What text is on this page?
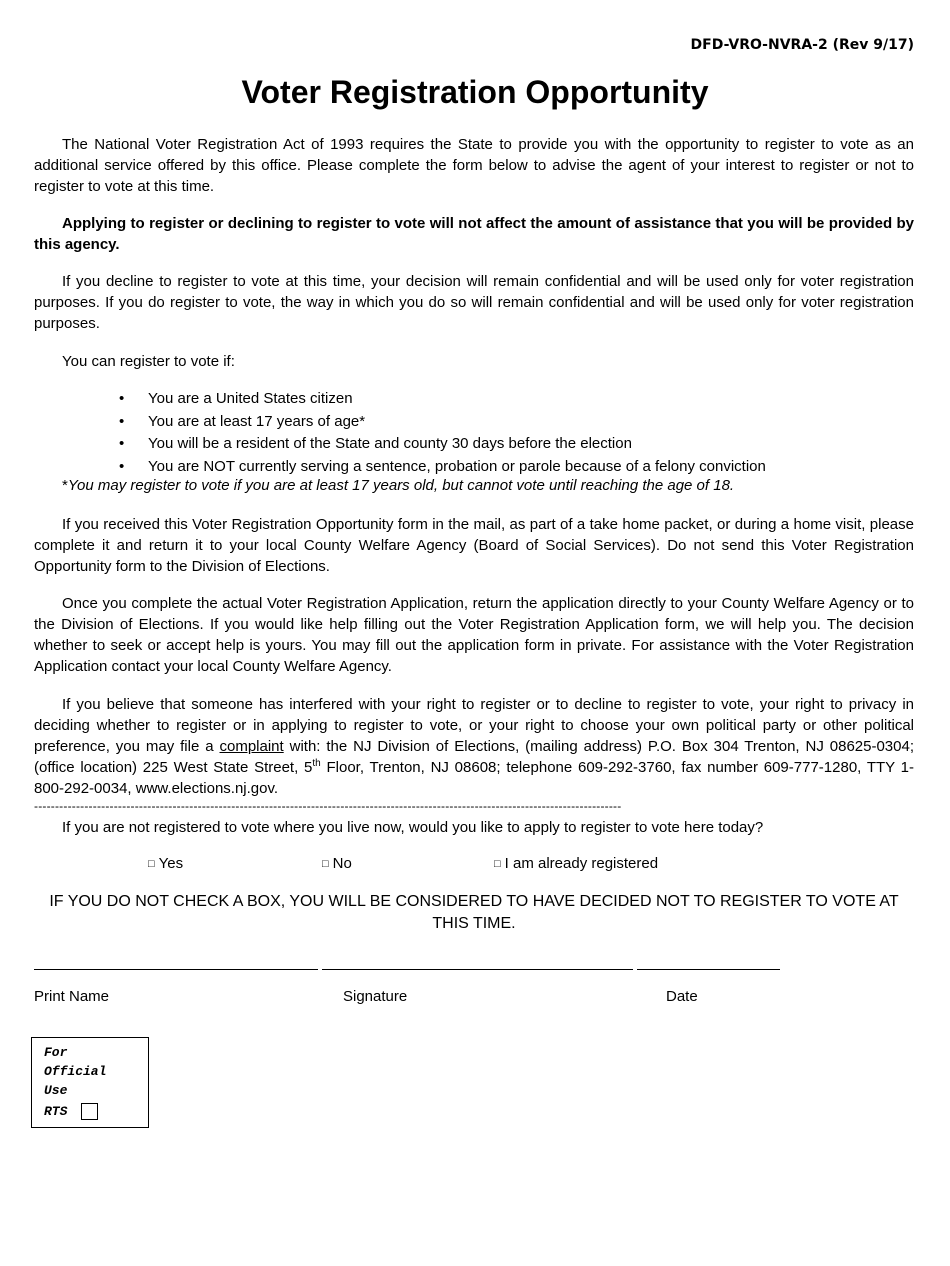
DFD-VRO-NVRA-2 (Rev 9/17)
Voter Registration Opportunity

The National Voter Registration Act of 1993 requires the State to provide you with the opportunity to register to vote as an additional service offered by this office. Please complete the form below to advise the agent of your interest to register or not to register to vote at this time.

Applying to register or declining to register to vote will not affect the amount of assistance that you will be provided by this agency.

If you decline to register to vote at this time, your decision will remain confidential and will be used only for voter registration purposes. If you do register to vote, the way in which you do so will remain confidential and will be used only for voter registration purposes.

You can register to vote if:

• You are a United States citizen
• You are at least 17 years of age*
• You will be a resident of the State and county 30 days before the election
• You are NOT currently serving a sentence, probation or parole because of a felony conviction
*You may register to vote if you are at least 17 years old, but cannot vote until reaching the age of 18.

If you received this Voter Registration Opportunity form in the mail, as part of a take home packet, or during a home visit, please complete it and return it to your local County Welfare Agency (Board of Social Services). Do not send this Voter Registration Opportunity form to the Division of Elections.

Once you complete the actual Voter Registration Application, return the application directly to your County Welfare Agency or to the Division of Elections. If you would like help filling out the Voter Registration Application form, we will help you. The decision whether to seek or accept help is yours. You may fill out the application form in private. For assistance with the Voter Registration Application contact your local County Welfare Agency.

If you believe that someone has interfered with your right to register or to decline to register to vote, your right to privacy in deciding whether to register or in applying to register to vote, or your right to choose your own political party or other political preference, you may file a complaint with: the NJ Division of Elections, (mailing address) P.O. Box 304 Trenton, NJ 08625-0304; (office location) 225 West State Street, 5th Floor, Trenton, NJ 08608; telephone 609-292-3760, fax number 609-777-1280, TTY 1-800-292-0034, www.elections.nj.gov.

--------------------------------------------------------------------------------------------------------------------------------------------
If you are not registered to vote where you live now, would you like to apply to register to vote here today?
□ Yes	□ No	□ I am already registered
IF YOU DO NOT CHECK A BOX, YOU WILL BE CONSIDERED TO HAVE DECIDED NOT TO REGISTER TO VOTE AT THIS TIME.
Print Name	Signature	Date
For
Official
Use
RTS
